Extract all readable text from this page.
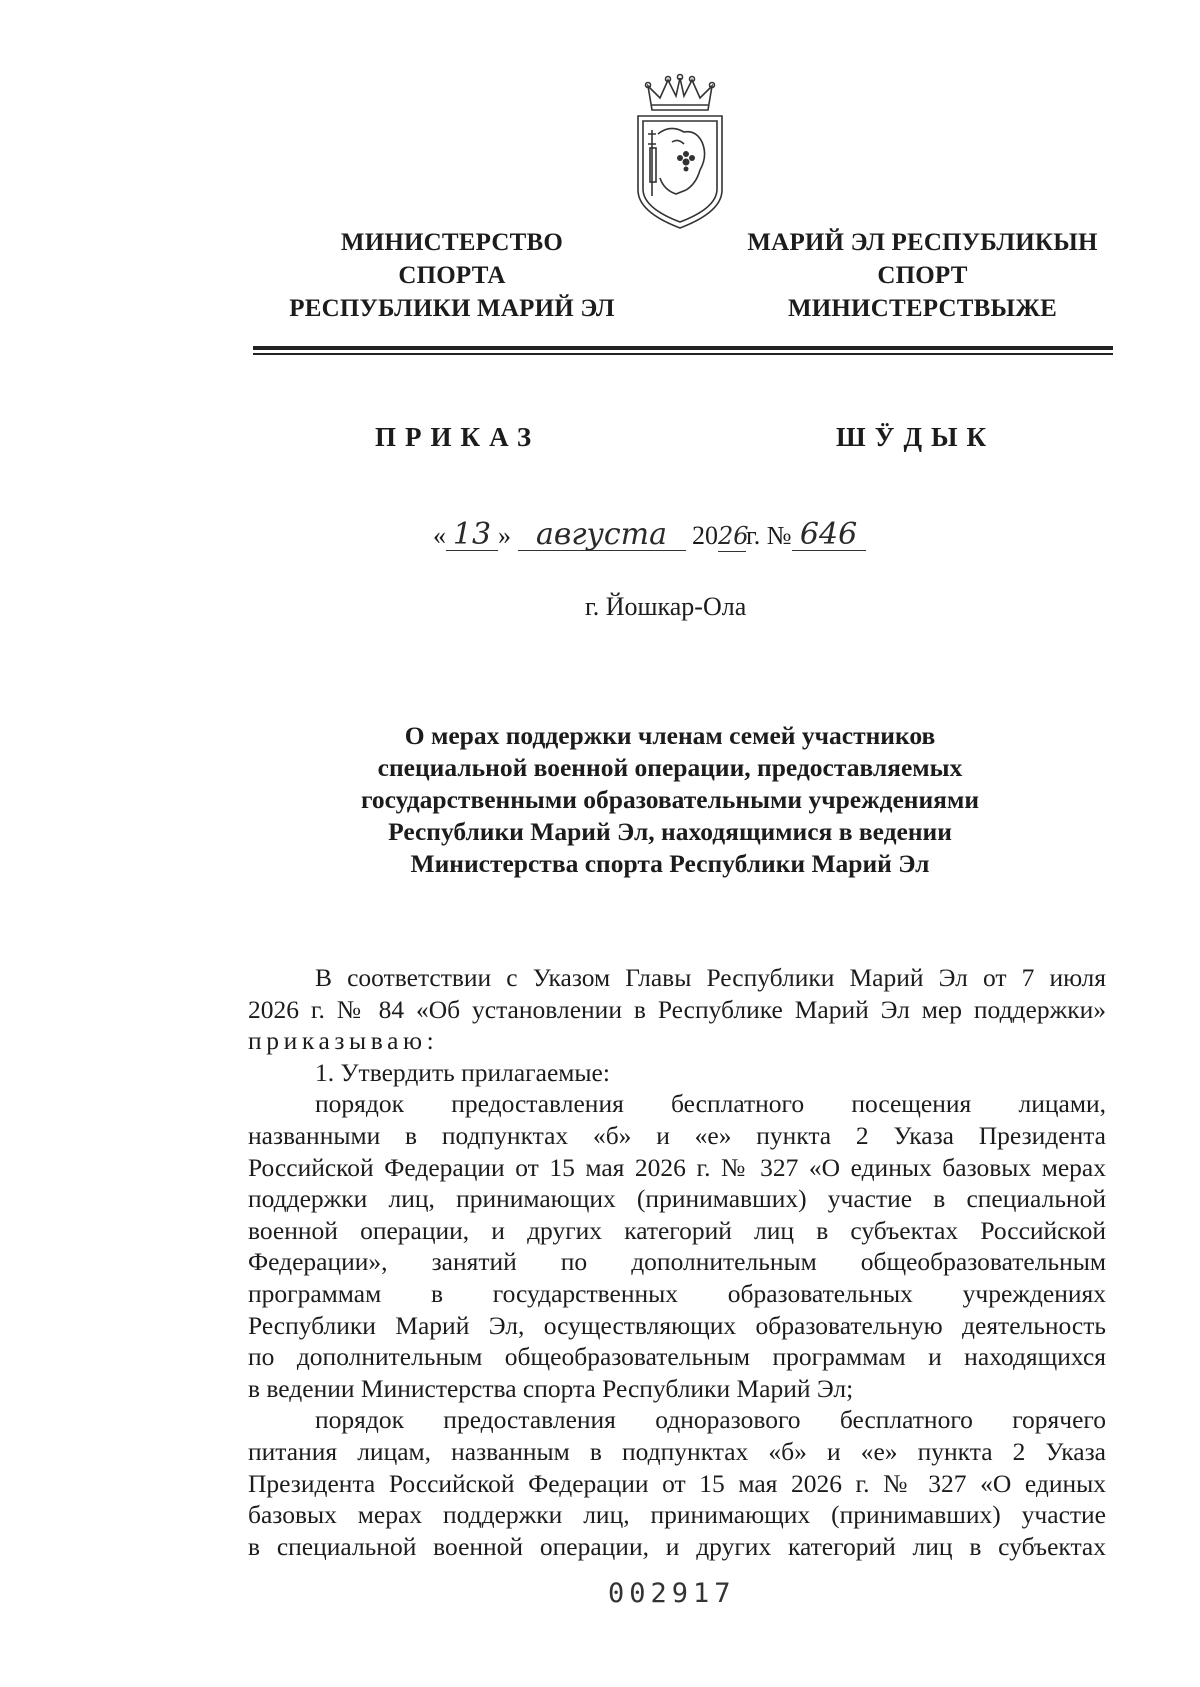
МИНИСТЕРСТВО
СПОРТА
РЕСПУБЛИКИ МАРИЙ ЭЛ
МАРИЙ ЭЛ РЕСПУБЛИКЫН
СПОРТ
МИНИСТЕРСТВЫЖЕ
ПРИКАЗ	ШӰДЫК
« 13 » августа 2026г. № 646
г. Йошкар-Ола
О мерах поддержки членам семей участников
специальной военной операции, предоставляемых
государственными образовательными учреждениями
Республики Марий Эл, находящимися в ведении
Министерства спорта Республики Марий Эл

В соответствии с Указом Главы Республики Марий Эл от 7 июля

2026 г. № 84 «Об установлении в Республике Марий Эл мер поддержки»

приказываю:

1. Утвердить прилагаемые:

порядок предоставления бесплатного посещения лицами,

названными в подпунктах «б» и «е» пункта 2 Указа Президента

Российской Федерации от 15 мая 2026 г. № 327 «О единых базовых мерах

поддержки лиц, принимающих (принимавших) участие в специальной

военной операции, и других категорий лиц в субъектах Российской

Федерации», занятий по дополнительным общеобразовательным

программам в государственных образовательных учреждениях

Республики Марий Эл, осуществляющих образовательную деятельность

по дополнительным общеобразовательным программам и находящихся

в ведении Министерства спорта Республики Марий Эл;

порядок предоставления одноразового бесплатного горячего

питания лицам, названным в подпунктах «б» и «е» пункта 2 Указа

Президента Российской Федерации от 15 мая 2026 г. № 327 «О единых

базовых мерах поддержки лиц, принимающих (принимавших) участие

в специальной военной операции, и других категорий лиц в субъектах

002917
